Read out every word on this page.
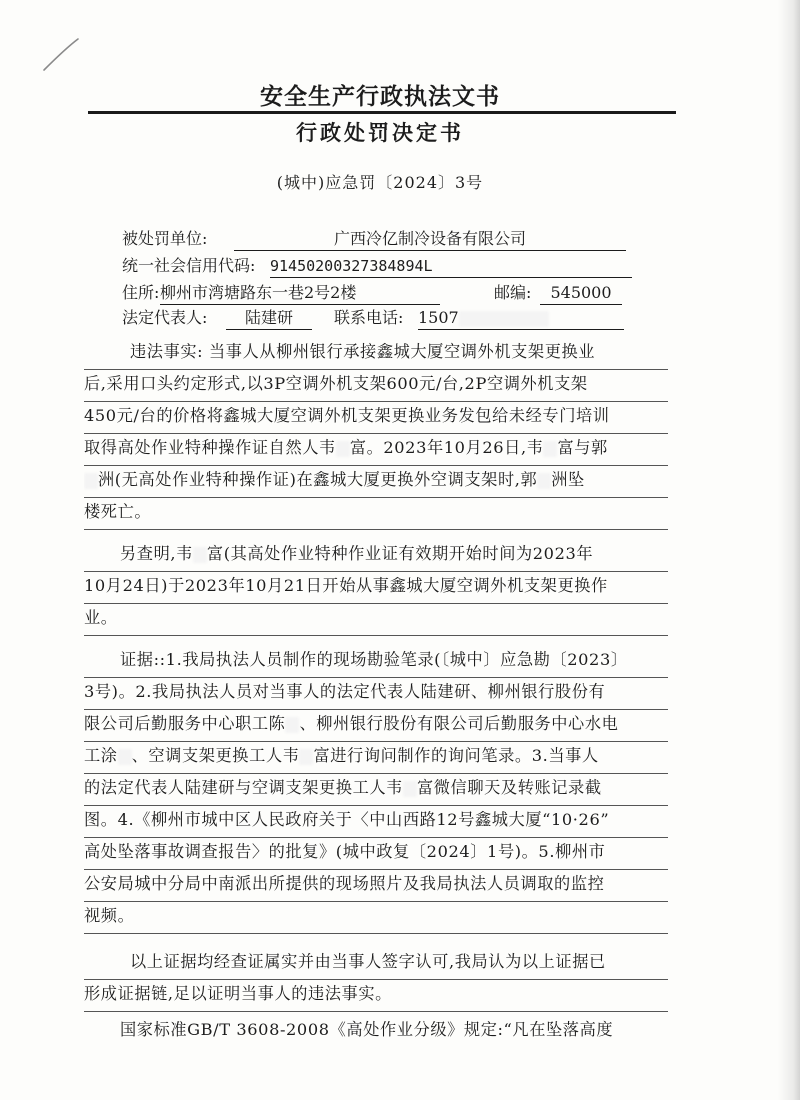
安全生产行政执法文书
行政处罚决定书
(城中)应急罚〔2024〕3号
被处罚单位:	广西冷亿制冷设备有限公司
统一社会信用代码: 91450200327384894L
住所: 柳州市湾塘路东一巷2号2楼	邮编:	545000
法定代表人:	陆建研	联系电话: 1507
违法事实: 当事人从柳州银行承接鑫城大厦空调外机支架更换业
后,采用口头约定形式,以3P空调外机支架600元/台,2P空调外机支架
450元/台的价格将鑫城大厦空调外机支架更换业务发包给未经专门培训
取得高处作业特种操作证自然人韦 富。2023年10月26日,韦 富与郭
洲(无高处作业特种操作证)在鑫城大厦更换外空调支架时,郭 洲坠
楼死亡。
另查明,韦 富(其高处作业特种作业证有效期开始时间为2023年
10月24日)于2023年10月21日开始从事鑫城大厦空调外机支架更换作
业。
证据::1.我局执法人员制作的现场勘验笔录(〔城中〕应急勘〔2023〕
3号)。2.我局执法人员对当事人的法定代表人陆建研、柳州银行股份有
限公司后勤服务中心职工陈 、柳州银行股份有限公司后勤服务中心水电
工涂 、空调支架更换工人韦 富进行询问制作的询问笔录。3.当事人
的法定代表人陆建研与空调支架更换工人韦 富微信聊天及转账记录截
图。4.《柳州市城中区人民政府关于〈中山西路12号鑫城大厦“10·26”
高处坠落事故调查报告〉的批复》(城中政复〔2024〕1号)。5.柳州市
公安局城中分局中南派出所提供的现场照片及我局执法人员调取的监控
视频。
以上证据均经查证属实并由当事人签字认可,我局认为以上证据已
形成证据链,足以证明当事人的违法事实。
国家标准GB/T 3608-2008《高处作业分级》规定:“凡在坠落高度
